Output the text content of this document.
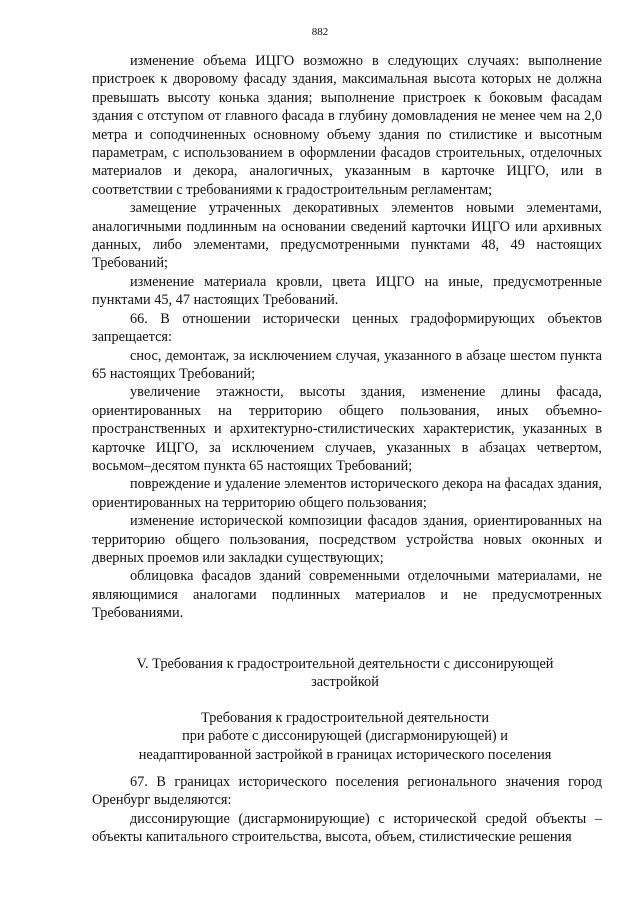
882

изменение объема ИЦГО возможно в следующих случаях: выполнение пристроек к дворовому фасаду здания, максимальная высота которых не должна превышать высоту конька здания; выполнение пристроек к боковым фасадам здания с отступом от главного фасада в глубину домовладения не менее чем на 2,0 метра и соподчиненных основному объему здания по стилистике и высотным параметрам, с использованием в оформлении фасадов строительных, отделочных материалов и декора, аналогичных, указанным в карточке ИЦГО, или в соответствии с требованиями к градостроительным регламентам;

замещение утраченных декоративных элементов новыми элементами, аналогичными подлинным на основании сведений карточки ИЦГО или архивных данных, либо элементами, предусмотренными пунктами 48, 49 настоящих Требований;

изменение материала кровли, цвета ИЦГО на иные, предусмотренные пунктами 45, 47 настоящих Требований.

66. В отношении исторически ценных градоформирующих объектов запрещается:

снос, демонтаж, за исключением случая, указанного в абзаце шестом пункта 65 настоящих Требований;

увеличение этажности, высоты здания, изменение длины фасада, ориентированных на территорию общего пользования, иных объемно-пространственных и архитектурно-стилистических характеристик, указанных в карточке ИЦГО, за исключением случаев, указанных в абзацах четвертом, восьмом–десятом пункта 65 настоящих Требований;

повреждение и удаление элементов исторического декора на фасадах здания, ориентированных на территорию общего пользования;

изменение исторической композиции фасадов здания, ориентированных на территорию общего пользования, посредством устройства новых оконных и дверных проемов или закладки существующих;

облицовка фасадов зданий современными отделочными материалами, не являющимися аналогами подлинных материалов и не предусмотренных Требованиями.

V. Требования к градостроительной деятельности с диссонирующей
застройкой
Требования к градостроительной деятельности
при работе с диссонирующей (дисгармонирующей) и
неадаптированной застройкой в границах исторического поселения

67. В границах исторического поселения регионального значения город Оренбург выделяются:

диссонирующие (дисгармонирующие) с исторической средой объекты – объекты капитального строительства, высота, объем, стилистические решения
